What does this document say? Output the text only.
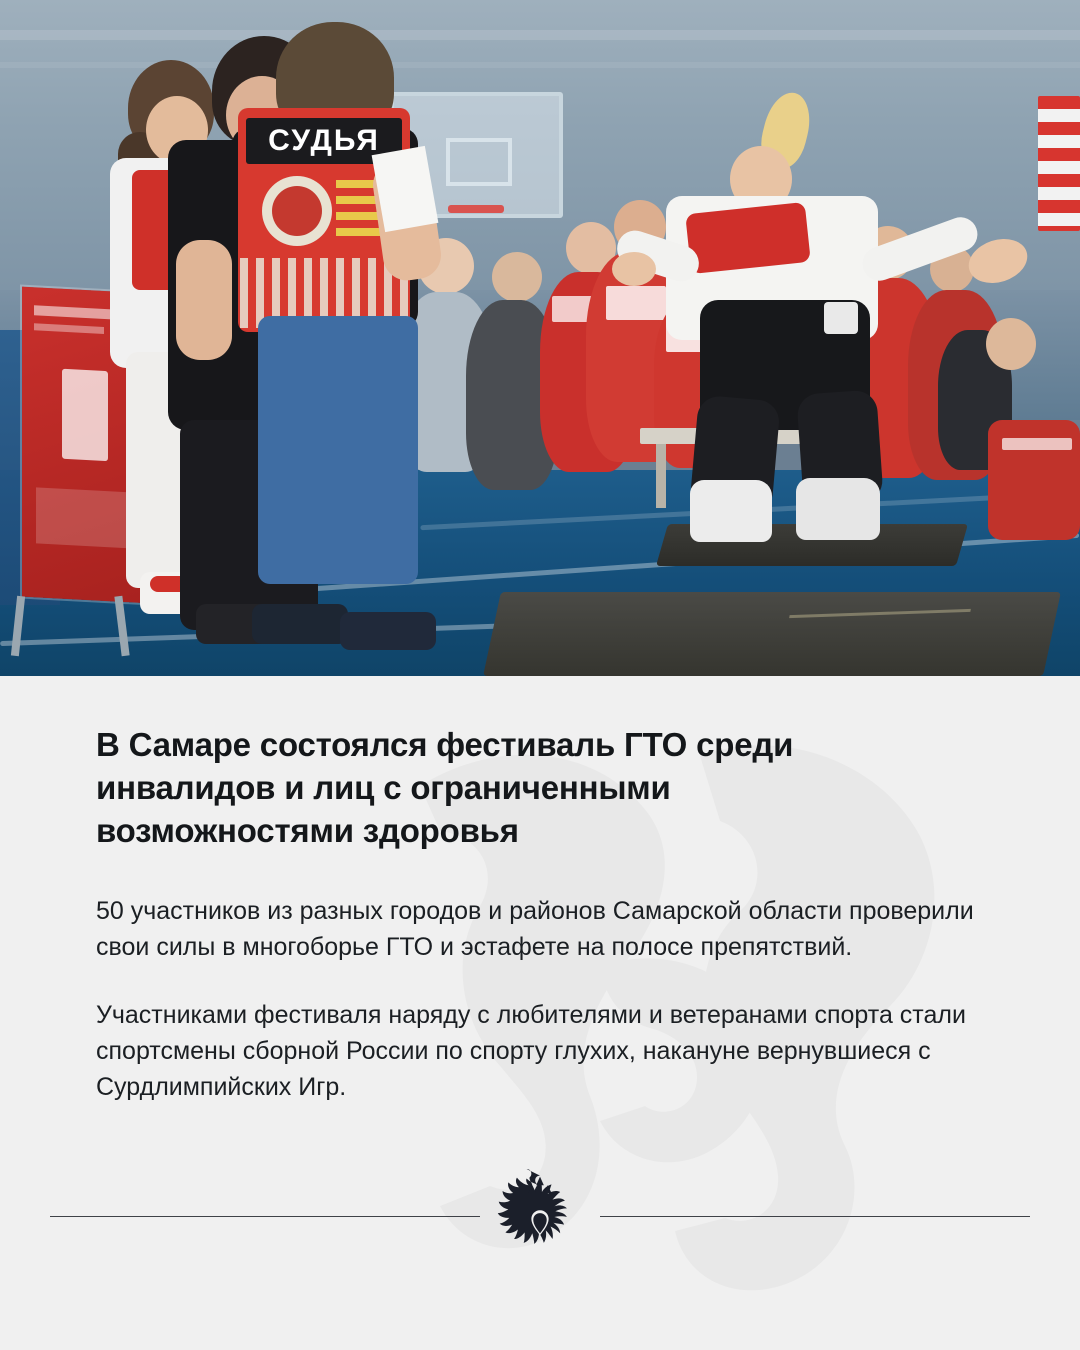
СУДЬЯ
В Самаре состоялся фестиваль ГТО среди инвалидов и лиц с ограниченными возможностями здоровья

50 участников из разных городов и районов Самарской области проверили свои силы в многоборье ГТО и эстафете на полосе препятствий.

Участниками фестиваля наряду с любителями и ветеранами спорта стали спортсмены сборной России по спорту глухих, накануне вернувшиеся с Сурдлимпийских Игр.
